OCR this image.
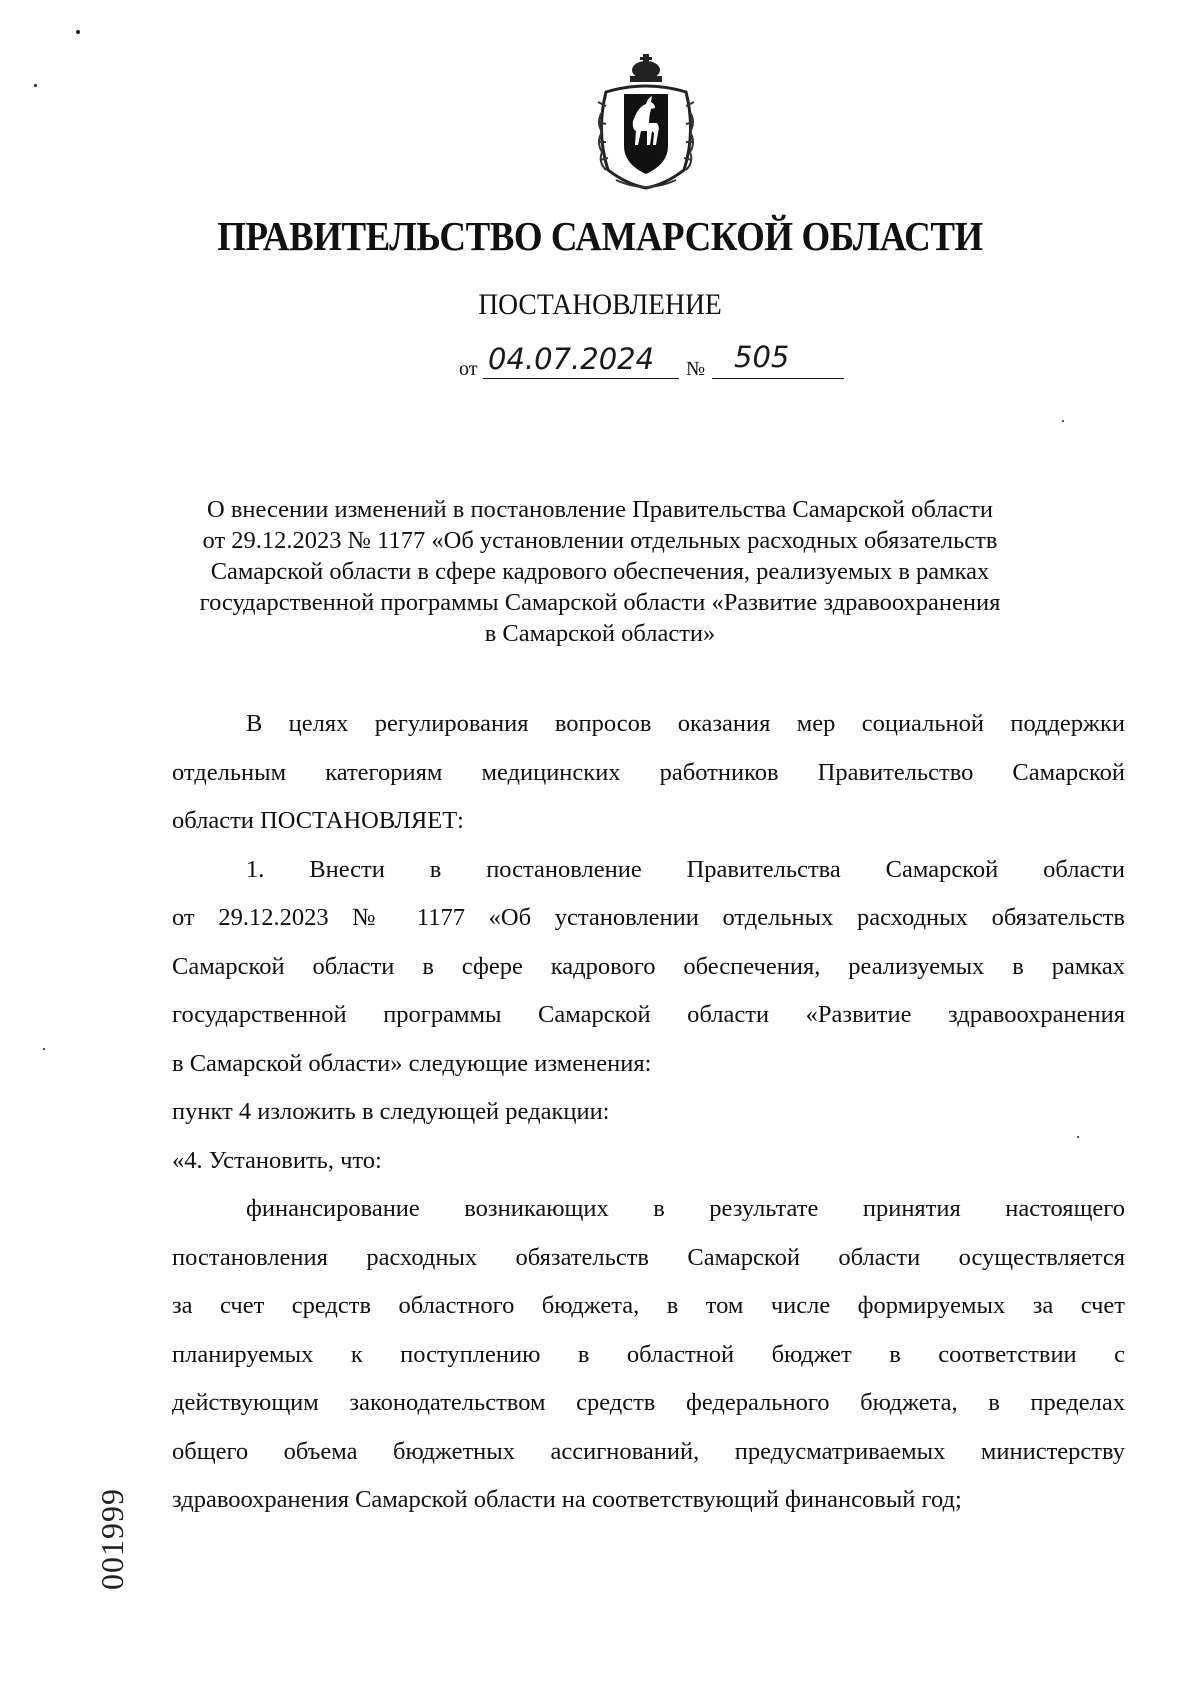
ПРАВИТЕЛЬСТВО САМАРСКОЙ ОБЛАСТИ
ПОСТАНОВЛЕНИЕ
от 04.07.2024 № 505
О внесении изменений в постановление Правительства Самарской области
от 29.12.2023 № 1177 «Об установлении отдельных расходных обязательств
Самарской области в сфере кадрового обеспечения, реализуемых в рамках
государственной программы Самарской области «Развитие здравоохранения
в Самарской области»

В целях регулирования вопросов оказания мер социальной поддержки
отдельным категориям медицинских работников Правительство Самарской
области ПОСТАНОВЛЯЕТ:

1. Внести в постановление Правительства Самарской области
от 29.12.2023 № 1177 «Об установлении отдельных расходных обязательств
Самарской области в сфере кадрового обеспечения, реализуемых в рамках
государственной программы Самарской области «Развитие здравоохранения
в Самарской области» следующие изменения:

пункт 4 изложить в следующей редакции:

«4. Установить, что:

финансирование возникающих в результате принятия настоящего
постановления расходных обязательств Самарской области осуществляется
за счет средств областного бюджета, в том числе формируемых за счет
планируемых к поступлению в областной бюджет в соответствии с
действующим законодательством средств федерального бюджета, в пределах
общего объема бюджетных ассигнований, предусматриваемых министерству
здравоохранения Самарской области на соответствующий финансовый год;

001999
